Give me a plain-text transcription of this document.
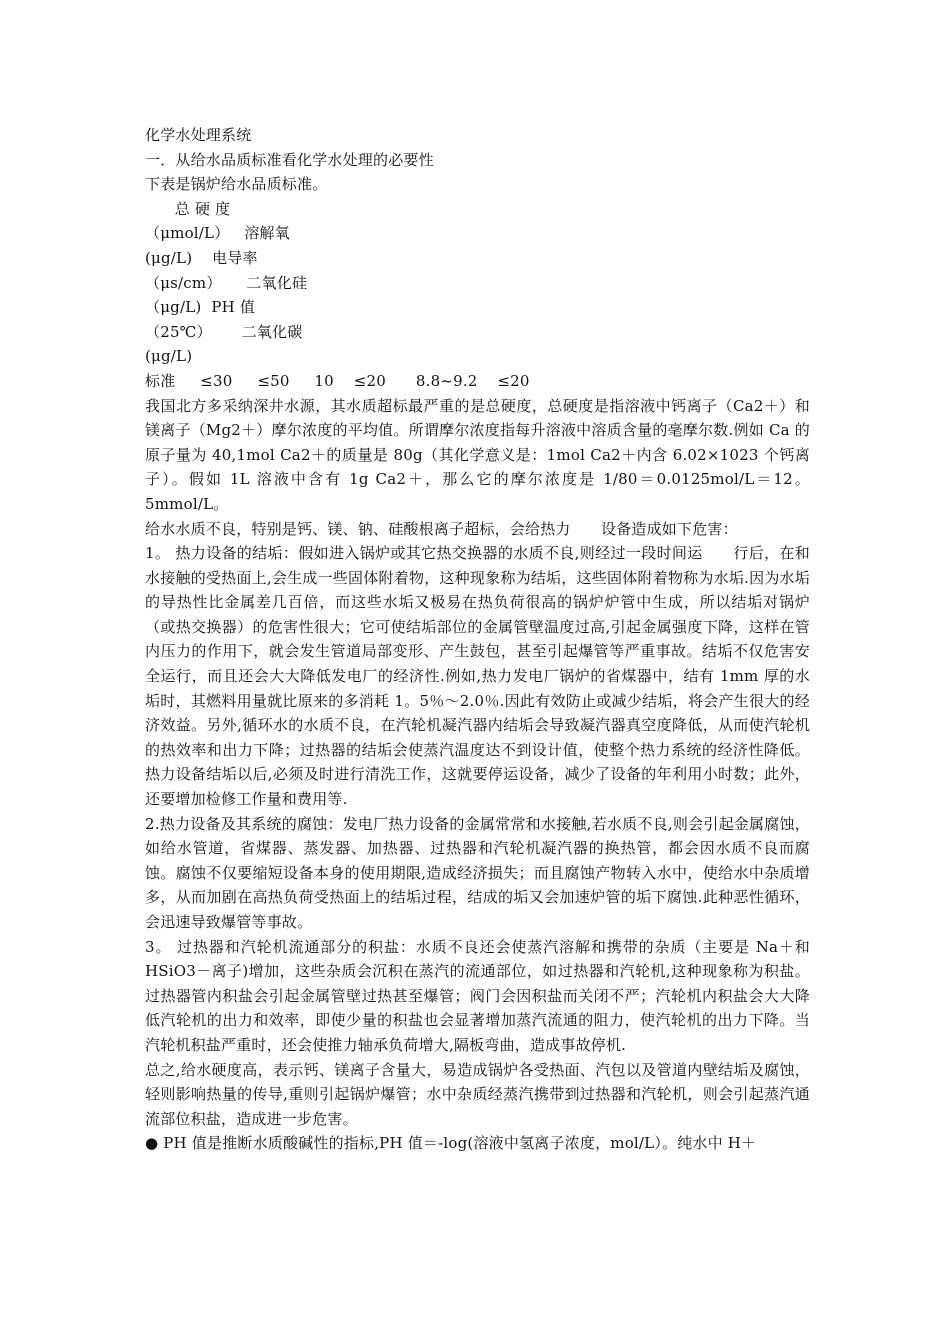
化学水处理系统
一．从给水品质标准看化学水处理的必要性
下表是锅炉给水品质标准。
总 硬 度
（μmol/L）   溶解氧
(μg/L)    电导率
（μs/cm）     二氧化硅
（μg/L)  PH 值
（25℃）      二氧化碳
(μg/L)
标准     ≤30     ≤50     10    ≤20      8.8~9.2    ≤20
我国北方多采纳深井水源，其水质超标最严重的是总硬度，总硬度是指溶液中钙离子（Ca2＋）和镁离子（Mg2＋）摩尔浓度的平均值。所谓摩尔浓度指每升溶液中溶质含量的毫摩尔数.例如 Ca 的原子量为 40,1mol Ca2＋的质量是 80g（其化学意义是：1mol Ca2＋内含 6.02×1023 个钙离子）。假如 1L 溶液中含有 1g Ca2＋，那么它的摩尔浓度是 1/80＝0.0125mol/L＝12。5mmol/L。
给水水质不良，特别是钙、镁、钠、硅酸根离子超标，会给热力　　设备造成如下危害：
1。 热力设备的结垢：假如进入锅炉或其它热交换器的水质不良,则经过一段时间运　　行后，在和水接触的受热面上,会生成一些固体附着物，这种现象称为结垢，这些固体附着物称为水垢.因为水垢的导热性比金属差几百倍，而这些水垢又极易在热负荷很高的锅炉炉管中生成，所以结垢对锅炉（或热交换器）的危害性很大；它可使结垢部位的金属管壁温度过高,引起金属强度下降，这样在管内压力的作用下，就会发生管道局部变形、产生鼓包，甚至引起爆管等严重事故。结垢不仅危害安全运行，而且还会大大降低发电厂的经济性.例如,热力发电厂锅炉的省煤器中，结有 1mm 厚的水垢时，其燃料用量就比原来的多消耗 1。5％～2.0％.因此有效防止或减少结垢，将会产生很大的经济效益。另外,循环水的水质不良，在汽轮机凝汽器内结垢会导致凝汽器真空度降低，从而使汽轮机的热效率和出力下降；过热器的结垢会使蒸汽温度达不到设计值，使整个热力系统的经济性降低。热力设备结垢以后,必须及时进行清洗工作，这就要停运设备，减少了设备的年利用小时数；此外，还要增加检修工作量和费用等.
2.热力设备及其系统的腐蚀：发电厂热力设备的金属常常和水接触,若水质不良,则会引起金属腐蚀，如给水管道，省煤器、蒸发器、加热器、过热器和汽轮机凝汽器的换热管，都会因水质不良而腐蚀。腐蚀不仅要缩短设备本身的使用期限,造成经济损失；而且腐蚀产物转入水中，使给水中杂质增多，从而加剧在高热负荷受热面上的结垢过程，结成的垢又会加速炉管的垢下腐蚀.此种恶性循环，会迅速导致爆管等事故。
3。 过热器和汽轮机流通部分的积盐：水质不良还会使蒸汽溶解和携带的杂质（主要是 Na＋和 HSiO3－离子)增加，这些杂质会沉积在蒸汽的流通部位，如过热器和汽轮机,这种现象称为积盐。过热器管内积盐会引起金属管壁过热甚至爆管；阀门会因积盐而关闭不严；汽轮机内积盐会大大降低汽轮机的出力和效率，即使少量的积盐也会显著增加蒸汽流通的阻力，使汽轮机的出力下降。当汽轮机积盐严重时，还会使推力轴承负荷增大,隔板弯曲，造成事故停机.
总之,给水硬度高，表示钙、镁离子含量大，易造成锅炉各受热面、汽包以及管道内壁结垢及腐蚀，轻则影响热量的传导,重则引起锅炉爆管；水中杂质经蒸汽携带到过热器和汽轮机，则会引起蒸汽通流部位积盐，造成进一步危害。
● PH 值是推断水质酸碱性的指标,PH 值＝-log(溶液中氢离子浓度，mol/L）。纯水中 H＋
